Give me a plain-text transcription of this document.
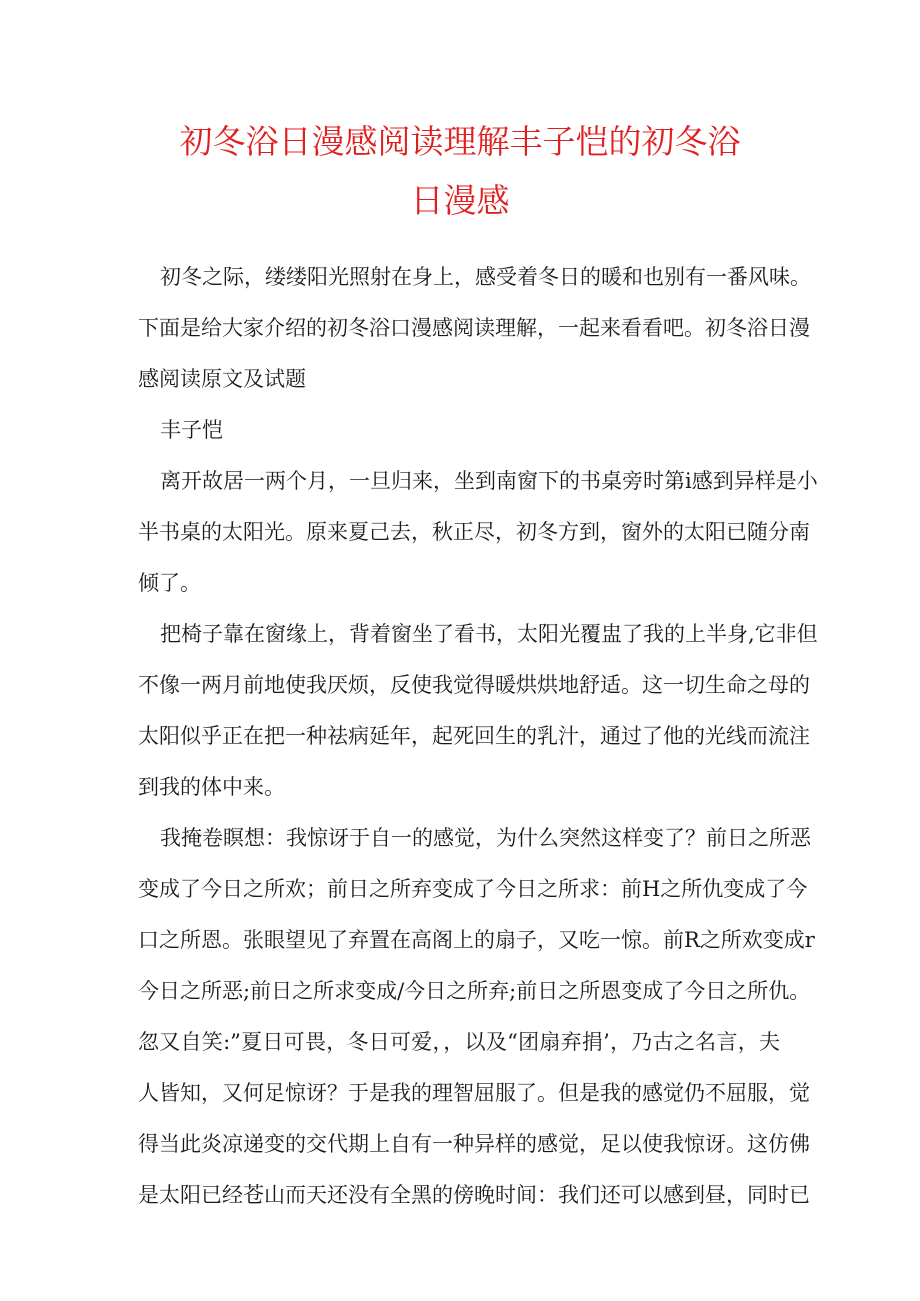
初冬浴日漫感阅读理解丰子恺的初冬浴
日漫感

初冬之际，缕缕阳光照射在身上，感受着冬日的暖和也别有一番风味。

下面是给大家介绍的初冬浴口漫感阅读理解，一起来看看吧。初冬浴日漫

感阅读原文及试题

丰子恺

离开故居一两个月，一旦归来，坐到南窗下的书桌旁时第i感到异样是小

半书桌的太阳光。原来夏己去，秋正尽，初冬方到，窗外的太阳已随分南

倾了。

把椅子靠在窗缘上，背着窗坐了看书，太阳光覆盅了我的上半身,它非但

不像一两月前地使我厌烦，反使我觉得暖烘烘地舒适。这一切生命之母的

太阳似乎正在把一种祛病延年，起死回生的乳汁，通过了他的光线而流注

到我的体中来。

我掩卷瞑想：我惊讶于自一的感觉，为什么突然这样变了？前日之所恶

变成了今日之所欢；前日之所弃变成了今日之所求：前H之所仇变成了今

口之所恩。张眼望见了弃置在高阁上的扇子，又吃一惊。前R之所欢变成r

今日之所恶;前日之所求变成/今日之所弃;前日之所恩变成了今日之所仇。

忽又自笑:”夏日可畏，冬日可爱，，以及“团扇弃捐’，乃古之名言，夫

人皆知，又何足惊讶？于是我的理智屈服了。但是我的感觉仍不屈服，觉

得当此炎凉递变的交代期上自有一种异样的感觉，足以使我惊讶。这仿佛

是太阳已经苍山而天还没有全黑的傍晚时间：我们还可以感到昼，同时已
